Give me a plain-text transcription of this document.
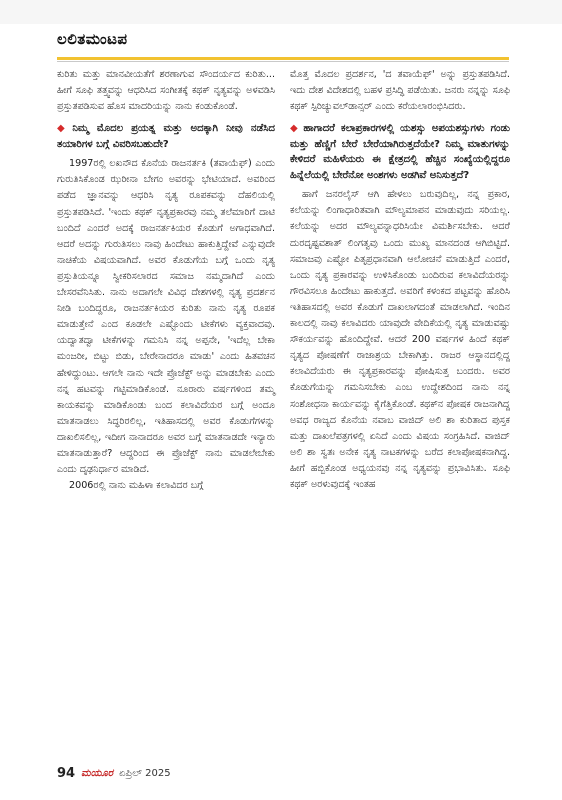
ಲಲಿತಮಂಟಪ

ಕುರಿತು ಮತ್ತು ಮಾನವೀಯತೆಗೆ ಶರಣಾಗುವ ಸೌಂದರ್ಯದ ಕುರಿತು... ಹೀಗೆ ಸೂಫಿ ತತ್ತ್ವವನ್ನು ಆಧರಿಸಿದ ಸಂಗೀತಕ್ಕೆ ಕಥಕ್ ನೃತ್ಯವನ್ನು ಅಳವಡಿಸಿ ಪ್ರಸ್ತುತಪಡಿಸುವ ಹೊಸ ಮಾದರಿಯನ್ನು ನಾನು ಕಂಡುಕೊಂಡೆ.

◆ ನಿಮ್ಮ ಮೊದಲ ಪ್ರಯತ್ನ ಮತ್ತು ಅದಕ್ಕಾಗಿ ನೀವು ನಡೆಸಿದ ತಯಾರಿಗಳ ಬಗ್ಗೆ ವಿವರಿಸಬಹುದೇ?

1997ರಲ್ಲಿ ಲಖನೌದ ಕೊನೆಯ ರಾಜನರ್ತಕಿ (ತವಾಯೆಫ್) ಎಂದು ಗುರುತಿಸಿಕೊಂಡ ಝರೀನಾ ಬೇಗಂ ಅವರನ್ನು ಭೇಟಿಯಾದೆ. ಅವರಿಂದ ಪಡೆದ ಜ್ಞಾನವನ್ನು ಆಧರಿಸಿ ನೃತ್ಯ ರೂಪಕವನ್ನು ದೆಹಲಿಯಲ್ಲಿ ಪ್ರಸ್ತುತಪಡಿಸಿದೆ. 'ಇಂದು ಕಥಕ್ ನೃತ್ಯಪ್ರಕಾರವು ನಮ್ಮ ತಲೆಮಾರಿಗೆ ದಾಟಿ ಬಂದಿದೆ ಎಂದರೆ ಅದಕ್ಕೆ ರಾಜನರ್ತಕಿಯರ ಕೊಡುಗೆ ಅಗಾಧವಾಗಿದೆ. ಆದರೆ ಅದನ್ನು ಗುರುತಿಸಲು ನಾವು ಹಿಂದೇಟು ಹಾಕುತ್ತಿದ್ದೇವೆ ಎನ್ನುವುದೇ ನಾಚಿಕೆಯ ವಿಷಯವಾಗಿದೆ. ಅವರ ಕೊಡುಗೆಯ ಬಗ್ಗೆ ಒಂದು ನೃತ್ಯ ಪ್ರಸ್ತುತಿಯನ್ನೂ ಸ್ವೀಕರಿಸಲಾರದ ಸಮಾಜ ನಮ್ಮದಾಗಿದೆ ಎಂದು ಬೇಸರವೆನಿಸಿತು. ನಾನು ಅದಾಗಲೇ ವಿವಿಧ ದೇಶಗಳಲ್ಲಿ ನೃತ್ಯ ಪ್ರದರ್ಶನ ನೀಡಿ ಬಂದಿದ್ದರೂ, ರಾಜನರ್ತಕಿಯರ ಕುರಿತು ನಾನು ನೃತ್ಯ ರೂಪಕ ಮಾಡುತ್ತೇನೆ ಎಂದ ಕೂಡಲೇ ಎಷ್ಟೊಂದು ಟೀಕೆಗಳು ವ್ಯಕ್ತವಾದವು. ಯದ್ವಾತದ್ವಾ ಟೀಕೆಗಳನ್ನು ಗಮನಿಸಿ ನನ್ನ ಅಪ್ಪನೇ, 'ಇದೆಲ್ಲ ಬೇಕಾ ಮಂಜರೀ, ಬಿಟ್ಟು ಬಿಡು, ಬೇರೇನಾದರೂ ಮಾಡು' ಎಂದು ಹಿತವಚನ ಹೇಳಿದ್ದುಂಟು. ಆಗಲೇ ನಾನು ಇದೇ ಪ್ರೊಜೆಕ್ಟ್ ಅನ್ನು ಮಾಡಬೇಕು ಎಂದು ನನ್ನ ಹಟವನ್ನು ಗಟ್ಟಿಮಾಡಿಕೊಂಡೆ. ನೂರಾರು ವರ್ಷಗಳಿಂದ ತಮ್ಮ ಕಾಯಕವನ್ನು ಮಾಡಿಕೊಂಡು ಬಂದ ಕಲಾವಿದೆಯರ ಬಗ್ಗೆ ಅಂದೂ ಮಾತನಾಡಲು ಸಿದ್ಧರಿರಲಿಲ್ಲ, ಇತಿಹಾಸದಲ್ಲಿ ಅವರ ಕೊಡುಗೆಗಳನ್ನು ದಾಖಲಿಸಲಿಲ್ಲ, ಇದೀಗ ನಾನಾದರೂ ಅವರ ಬಗ್ಗೆ ಮಾತನಾಡದೇ ಇನ್ಯಾರು ಮಾತನಾಡುತ್ತಾರೆ? ಆದ್ದರಿಂದ ಈ ಪ್ರೊಜೆಕ್ಟ್ ನಾನು ಮಾಡಲೇಬೇಕು ಎಂದು ದೃಢನಿರ್ಧಾರ ಮಾಡಿದೆ.

2006ರಲ್ಲಿ ನಾನು ಮಹಿಳಾ ಕಲಾವಿದರ ಬಗ್ಗೆ

ಮೊತ್ತ ಮೊದಲ ಪ್ರದರ್ಶನ, 'ದ ತವಾಯೆಫ್' ಅನ್ನು ಪ್ರಸ್ತುತಪಡಿಸಿದೆ. ಇದು ದೇಶ ವಿದೇಶದಲ್ಲಿ ಬಹಳ ಪ್ರಸಿದ್ಧಿ ಪಡೆಯಿತು. ಜನರು ನನ್ನನ್ನು ಸೂಫಿ ಕಥಕ್ ಸ್ಪಿರಿಚ್ಯುವಲ್‌ಡಾನ್ಸರ್ ಎಂದು ಕರೆಯಲಾರಂಭಿಸಿದರು.

◆ ಹಾಗಾದರೆ ಕಲಾಪ್ರಕಾರಗಳಲ್ಲಿ ಯಶಸ್ಸು ಅಪಯಶಸ್ಸುಗಳು ಗಂಡು ಮತ್ತು ಹೆಣ್ಣಿಗೆ ಬೇರೆ ಬೇರೆಯಾಗಿರುತ್ತದೆಯೇ? ನಿಮ್ಮ ಮಾತುಗಳನ್ನು ಕೇಳಿದರೆ ಮಹಿಳೆಯರು ಈ ಕ್ಷೇತ್ರದಲ್ಲಿ ಹೆಚ್ಚಿನ ಸಂಖ್ಯೆಯಲ್ಲಿದ್ದರೂ ಹಿನ್ನೆಲೆಯಲ್ಲಿ ಬೇರೆನೋ ಅಂಶಗಳು ಅಡಗಿವೆ ಅನಿಸುತ್ತದೆ?

ಹಾಗೆ ಜನರಲೈಸ್ ಆಗಿ ಹೇಳಲು ಬರುವುದಿಲ್ಲ, ನನ್ನ ಪ್ರಕಾರ, ಕಲೆಯನ್ನು ಲಿಂಗಾಧಾರಿತವಾಗಿ ಮೌಲ್ಯಮಾಪನ ಮಾಡುವುದು ಸರಿಯಲ್ಲ. ಕಲೆಯನ್ನು ಅದರ ಮೌಲ್ಯವನ್ನಾಧರಿಸಿಯೇ ವಿಮರ್ಶಿಸಬೇಕು. ಆದರೆ ದುರದೃಷ್ಟವಶಾತ್ ಲಿಂಗತ್ವವು ಒಂದು ಮುಖ್ಯ ಮಾನದಂಡ ಆಗಿಬಿಟ್ಟಿದೆ. ಸಮಾಜವು ಎಷ್ಟೋ ಪಿತೃಪ್ರಧಾನವಾಗಿ ಆಲೋಚನೆ ಮಾಡುತ್ತಿದೆ ಎಂದರೆ, ಒಂದು ನೃತ್ಯ ಪ್ರಕಾರವನ್ನು ಉಳಿಸಿಕೊಂಡು ಬಂದಿರುವ ಕಲಾವಿದೆಯರನ್ನು ಗೌರವಿಸಲೂ ಹಿಂದೇಟು ಹಾಕುತ್ತದೆ. ಅವರಿಗೆ ಕಳಂಕದ ಪಟ್ಟವನ್ನು ಹೊರಿಸಿ ಇತಿಹಾಸದಲ್ಲಿ ಅವರ ಕೊಡುಗೆ ದಾಖಲಾಗದಂತೆ ಮಾಡಲಾಗಿದೆ. ಇಂದಿನ ಕಾಲದಲ್ಲಿ ನಾವು ಕಲಾವಿದರು ಯಾವುದೇ ವೇದಿಕೆಯಲ್ಲಿ ನೃತ್ಯ ಮಾಡುವಷ್ಟು ಸೌಕರ್ಯವನ್ನು ಹೊಂದಿದ್ದೇವೆ. ಆದರೆ 200 ವರ್ಷಗಳ ಹಿಂದೆ ಕಥಕ್ ನೃತ್ಯದ ಪೋಷಣೆಗೆ ರಾಜಾಶ್ರಯ ಬೇಕಾಗಿತ್ತು. ರಾಜರ ಆಸ್ಥಾನದಲ್ಲಿದ್ದ ಕಲಾವಿದೆಯರು ಈ ನೃತ್ಯಪ್ರಕಾರವನ್ನು ಪೋಷಿಸುತ್ತ ಬಂದರು. ಅವರ ಕೊಡುಗೆಯನ್ನು ಗಮನಿಸಬೇಕು ಎಂಬ ಉದ್ದೇಶದಿಂದ ನಾನು ನನ್ನ ಸಂಶೋಧನಾ ಕಾರ್ಯವನ್ನು ಕೈಗೆತ್ತಿಕೊಂಡೆ. ಕಥಕ್‌ನ ಪೋಷಕ ರಾಜನಾಗಿದ್ದ ಅವಧ ರಾಜ್ಯದ ಕೊನೆಯ ನವಾಬ ವಾಜಿದ್ ಅಲಿ ಶಾ ಕುರಿತಾದ ಪುಸ್ತಕ ಮತ್ತು ದಾಖಲೆಪತ್ರಗಳಲ್ಲಿ ಏನಿದೆ ಎಂದು ವಿಷಯ ಸಂಗ್ರಹಿಸಿದೆ. ವಾಜಿದ್ ಅಲಿ ಶಾ ಸ್ವತಃ ಅನೇಕ ನೃತ್ಯ ನಾಟಕಗಳನ್ನು ಬರೆದ ಕಲಾಪೋಷಕನಾಗಿದ್ದ. ಹೀಗೆ ಹಬ್ಬಿಕೊಂಡ ಅಧ್ಯಯನವು ನನ್ನ ನೃತ್ಯವನ್ನು ಪ್ರಭಾವಿಸಿತು. ಸೂಫಿ ಕಥಕ್ ಅರಳುವುದಕ್ಕೆ ಇಂತಹ

94 ಮಯೂರ ಏಪ್ರಿಲ್ 2025
